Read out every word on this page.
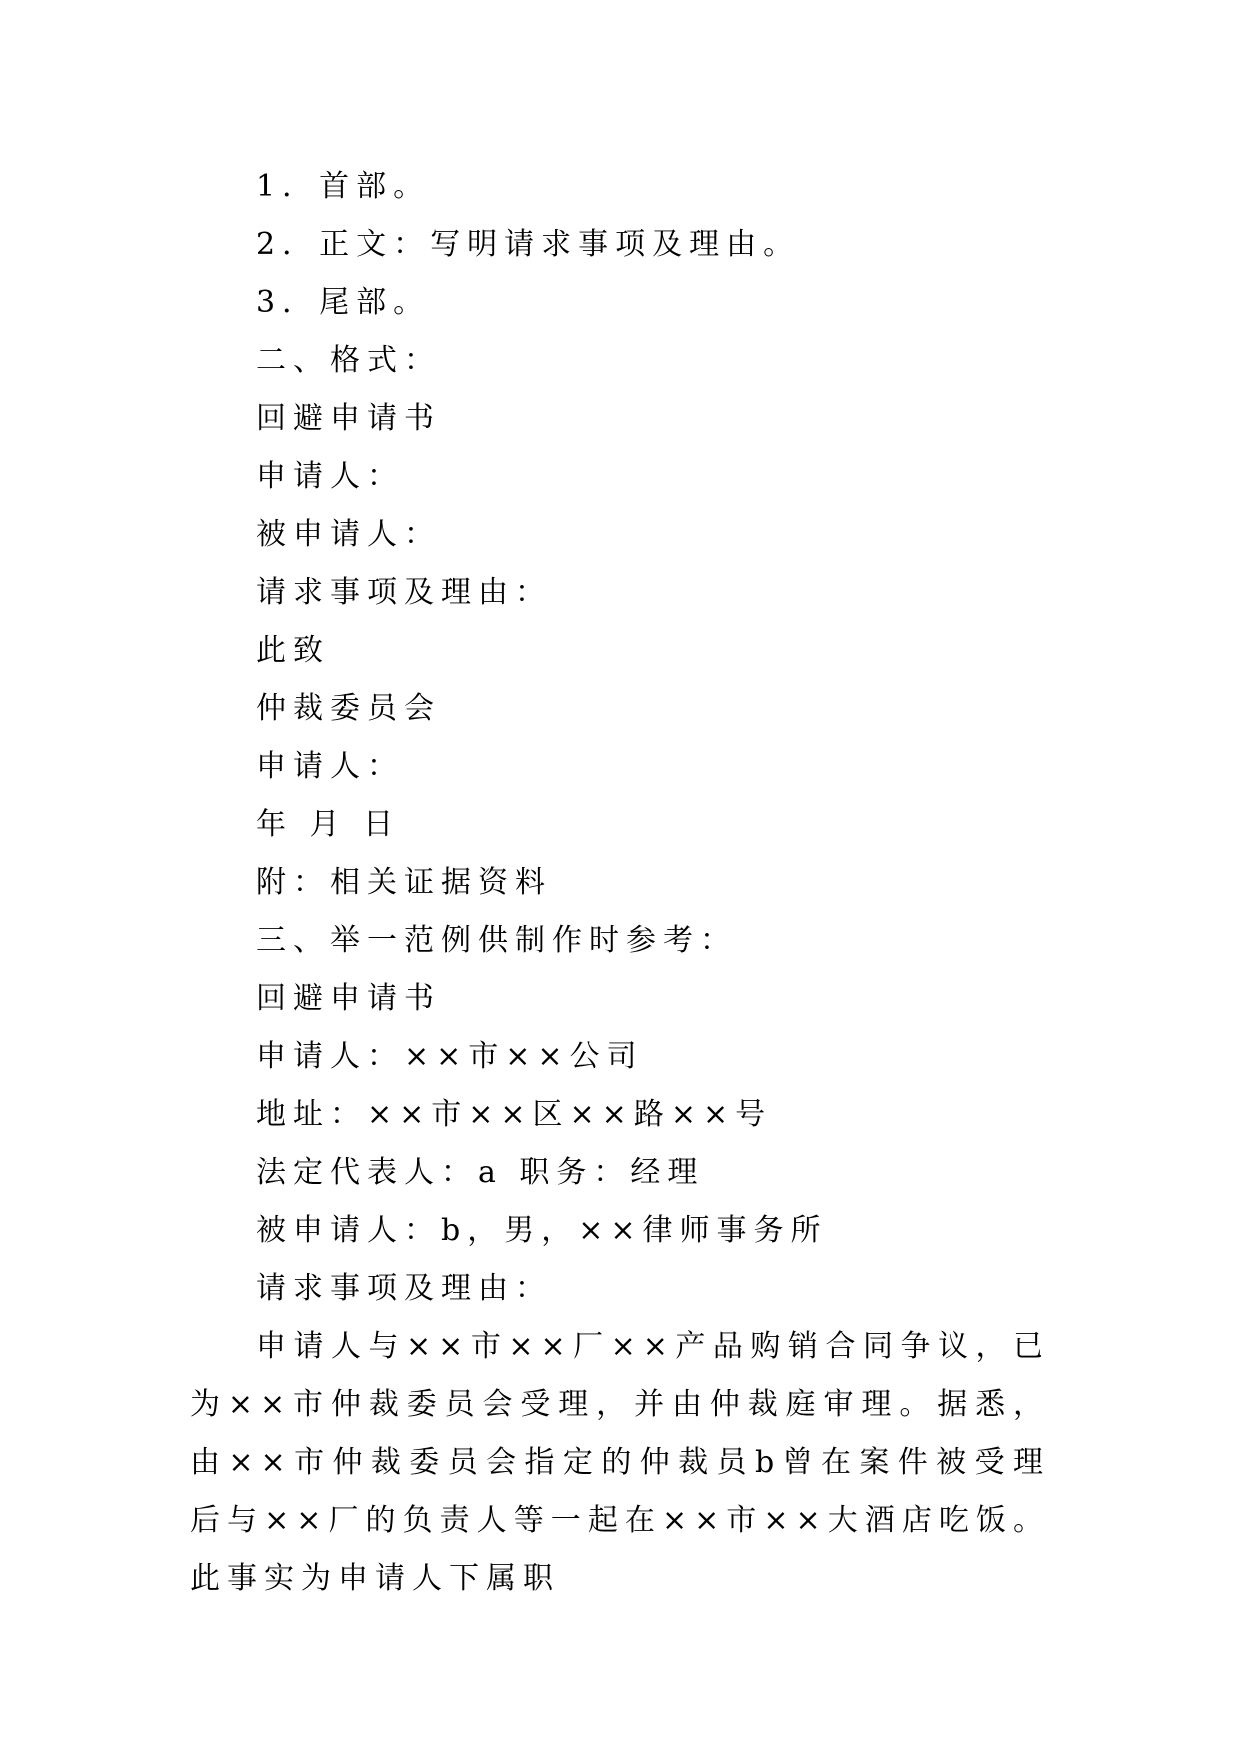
1．首部。
2．正文：写明请求事项及理由。
3．尾部。
二、格式：
回避申请书
申请人：
被申请人：
请求事项及理由：
此致
仲裁委员会
申请人：
年 月 日
附：相关证据资料
三、举一范例供制作时参考：
回避申请书
申请人：××市××公司
地址：××市××区××路××号
法定代表人：a 职务：经理
被申请人：b，男，××律师事务所
请求事项及理由：

申请人与××市××厂××产品购销合同争议，已为××市仲裁委员会受理，并由仲裁庭审理。据悉，由××市仲裁委员会指定的仲裁员b曾在案件被受理后与××厂的负责人等一起在××市××大酒店吃饭。此事实为申请人下属职
